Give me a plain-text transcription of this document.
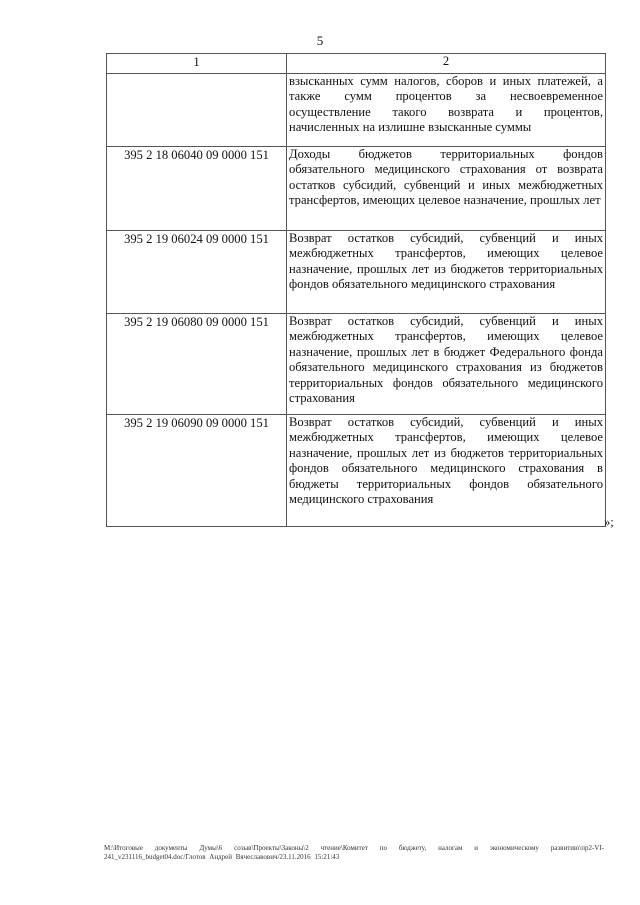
5
1	2
	взысканных сумм налогов, сборов и иных платежей, а также сумм процентов за несвоевременное осуществление такого возврата и процентов, начисленных на излишне взысканные суммы
395 2 18 06040 09 0000 151	Доходы бюджетов территориальных фондов обязательного медицинского страхования от возврата остатков субсидий, субвенций и иных межбюджетных трансфертов, имеющих целевое назначение, прошлых лет
395 2 19 06024 09 0000 151	Возврат остатков субсидий, субвенций и иных межбюджетных трансфертов, имеющих целевое назначение, прошлых лет из бюджетов территориальных фондов обязательного медицинского страхования
395 2 19 06080 09 0000 151	Возврат остатков субсидий, субвенций и иных межбюджетных трансфертов, имеющих целевое назначение, прошлых лет в бюджет Федерального фонда обязательного медицинского страхования из бюджетов территориальных фондов обязательного медицинского страхования
395 2 19 06090 09 0000 151	Возврат остатков субсидий, субвенций и иных межбюджетных трансфертов, имеющих целевое назначение, прошлых лет из бюджетов территориальных фондов обязательного медицинского страхования в бюджеты территориальных фондов обязательного медицинского страхования
»;
М:\Итоговые документы Думы\6 созыв\Проекты\Законы\2 чтение\Комитет по бюджету, налогам и экономическому развитию\пр2-VI-241_v231116_budget04.doc/Глотов Андрей Вячеславович/23.11.2016 15:21:43
